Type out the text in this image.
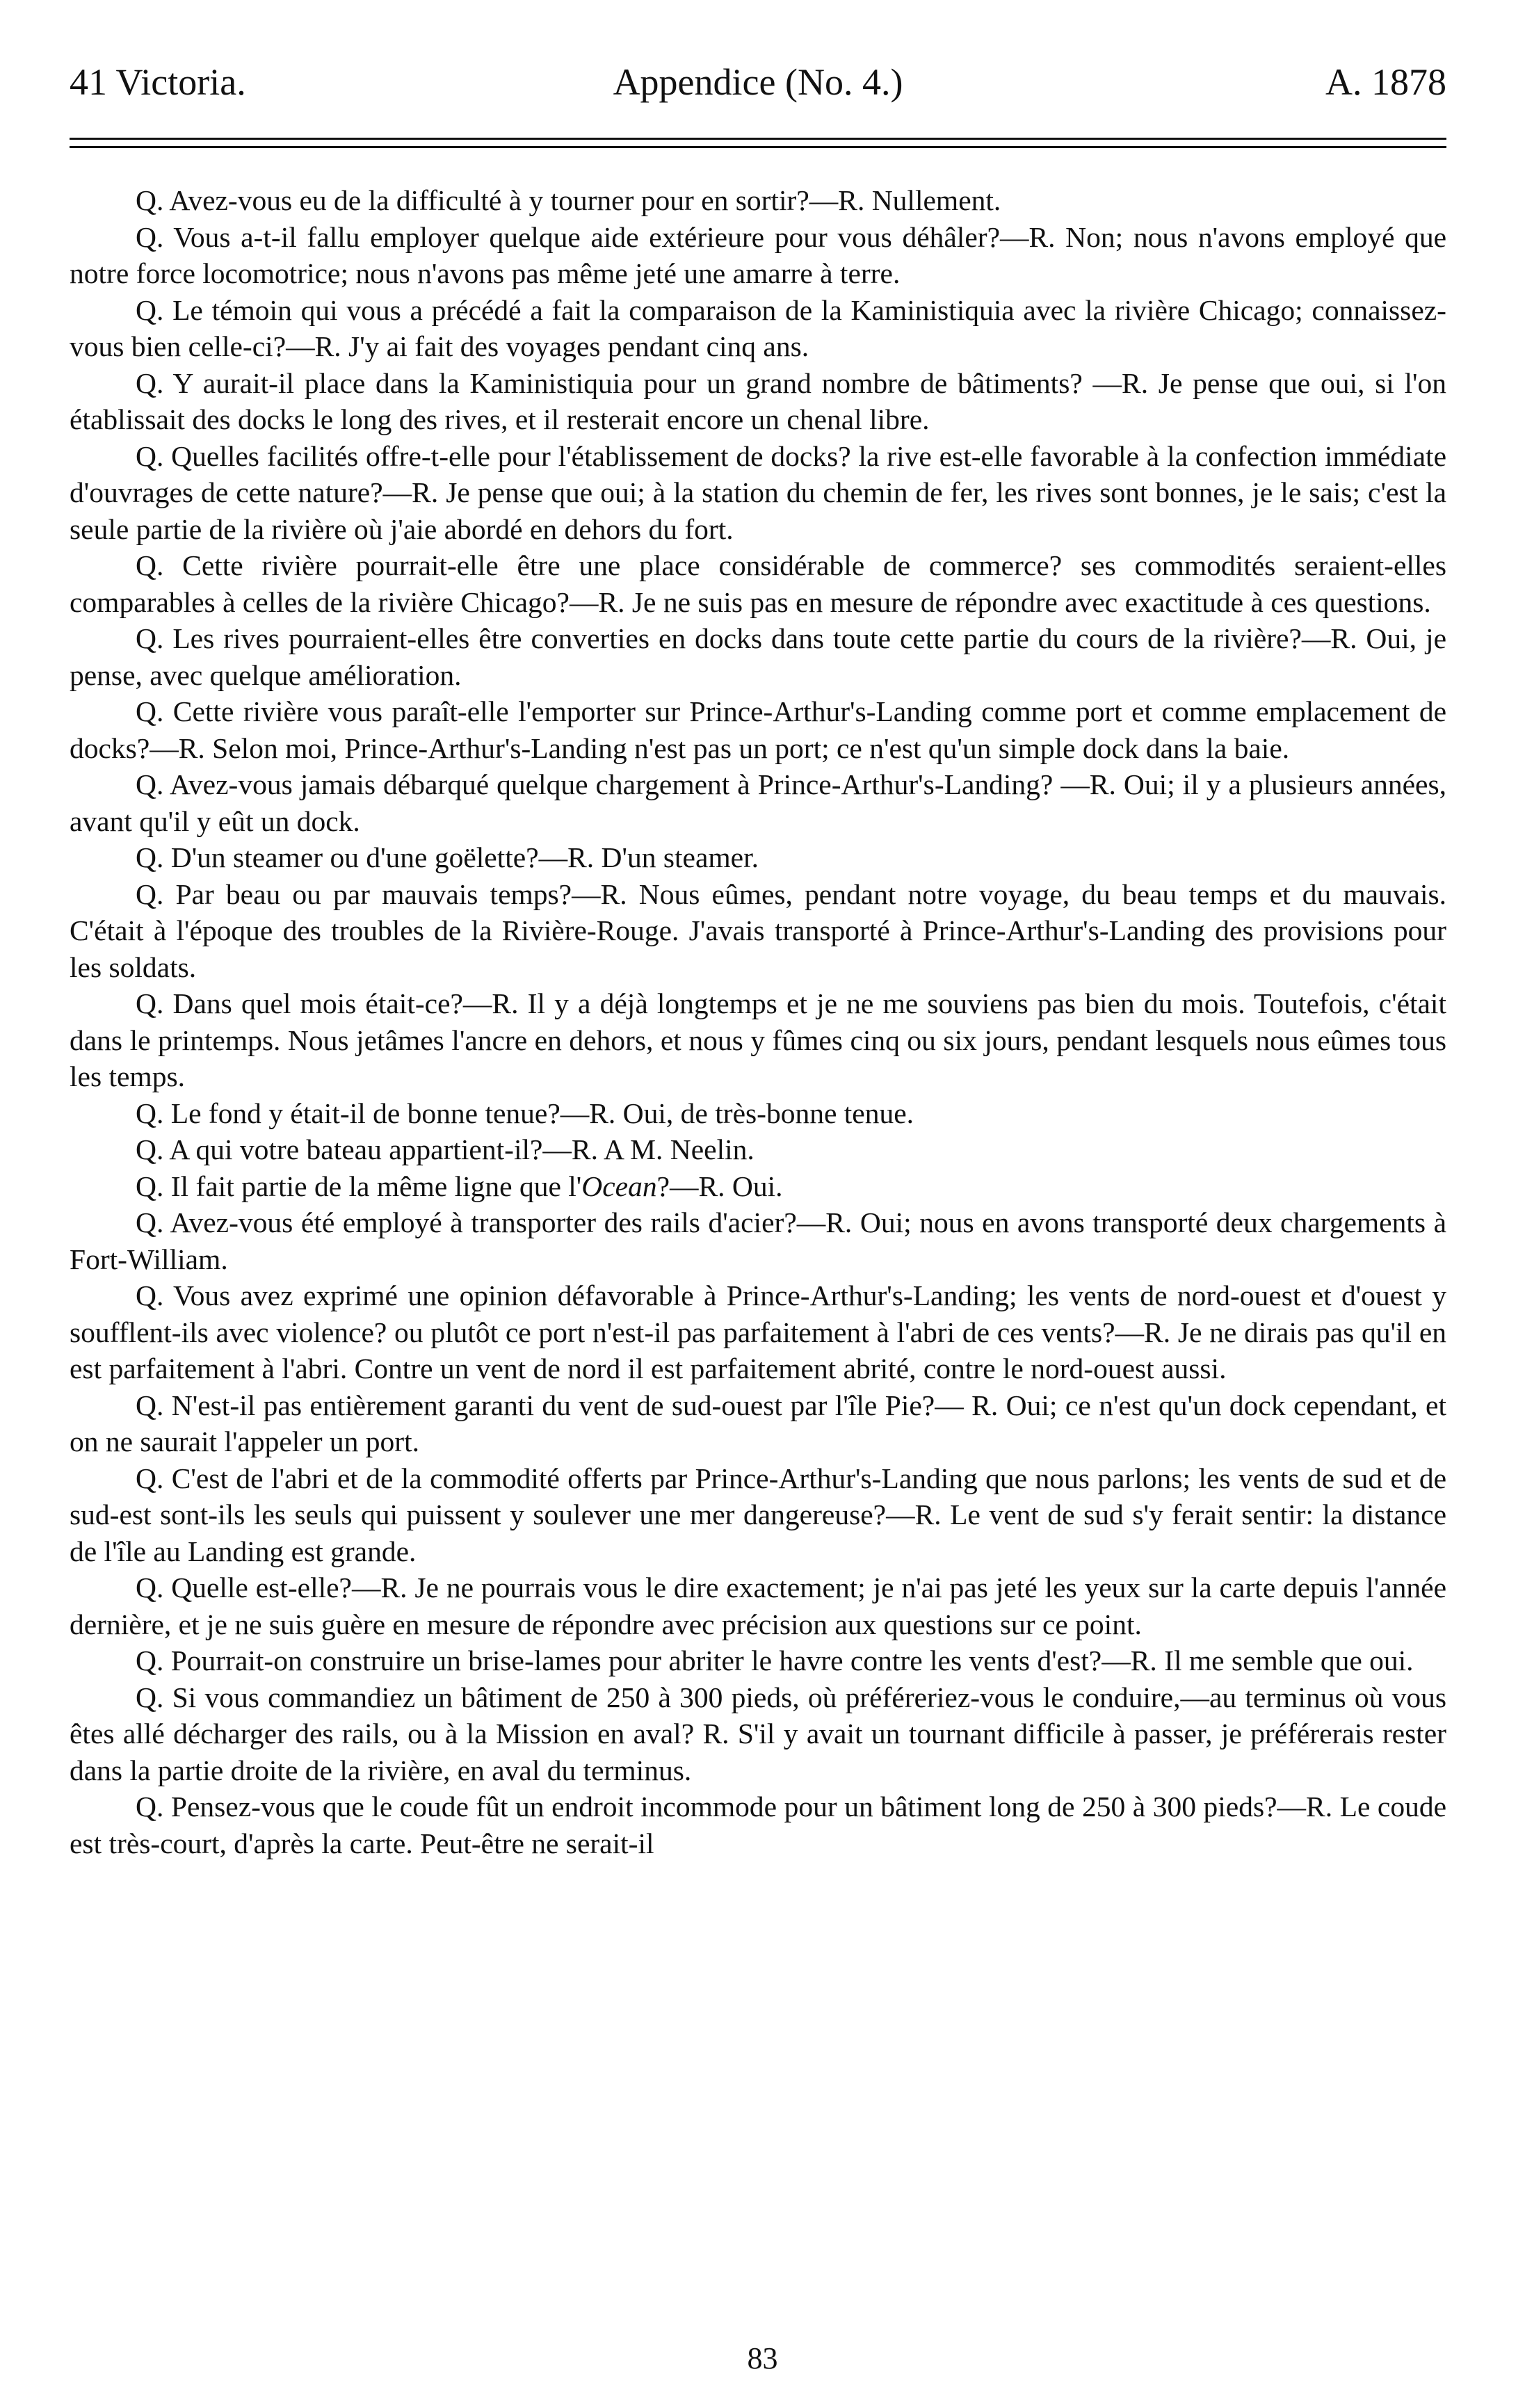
41 Victoria.	Appendice (No. 4.)	A. 1878

Q. Avez-vous eu de la difficulté à y tourner pour en sortir?—R. Nullement.

Q. Vous a-t-il fallu employer quelque aide extérieure pour vous déhâler?—R. Non; nous n'avons employé que notre force locomotrice; nous n'avons pas même jeté une amarre à terre.

Q. Le témoin qui vous a précédé a fait la comparaison de la Kaministiquia avec la rivière Chicago; connaissez-vous bien celle-ci?—R. J'y ai fait des voyages pendant cinq ans.

Q. Y aurait-il place dans la Kaministiquia pour un grand nombre de bâtiments? —R. Je pense que oui, si l'on établissait des docks le long des rives, et il resterait encore un chenal libre.

Q. Quelles facilités offre-t-elle pour l'établissement de docks? la rive est-elle favorable à la confection immédiate d'ouvrages de cette nature?—R. Je pense que oui; à la station du chemin de fer, les rives sont bonnes, je le sais; c'est la seule partie de la rivière où j'aie abordé en dehors du fort.

Q. Cette rivière pourrait-elle être une place considérable de commerce? ses commodités seraient-elles comparables à celles de la rivière Chicago?—R. Je ne suis pas en mesure de répondre avec exactitude à ces questions.

Q. Les rives pourraient-elles être converties en docks dans toute cette partie du cours de la rivière?—R. Oui, je pense, avec quelque amélioration.

Q. Cette rivière vous paraît-elle l'emporter sur Prince-Arthur's-Landing comme port et comme emplacement de docks?—R. Selon moi, Prince-Arthur's-Landing n'est pas un port; ce n'est qu'un simple dock dans la baie.

Q. Avez-vous jamais débarqué quelque chargement à Prince-Arthur's-Landing? —R. Oui; il y a plusieurs années, avant qu'il y eût un dock.

Q. D'un steamer ou d'une goëlette?—R. D'un steamer.

Q. Par beau ou par mauvais temps?—R. Nous eûmes, pendant notre voyage, du beau temps et du mauvais. C'était à l'époque des troubles de la Rivière-Rouge. J'avais transporté à Prince-Arthur's-Landing des provisions pour les soldats.

Q. Dans quel mois était-ce?—R. Il y a déjà longtemps et je ne me souviens pas bien du mois. Toutefois, c'était dans le printemps. Nous jetâmes l'ancre en dehors, et nous y fûmes cinq ou six jours, pendant lesquels nous eûmes tous les temps.

Q. Le fond y était-il de bonne tenue?—R. Oui, de très-bonne tenue.

Q. A qui votre bateau appartient-il?—R. A M. Neelin.

Q. Il fait partie de la même ligne que l'Ocean?—R. Oui.

Q. Avez-vous été employé à transporter des rails d'acier?—R. Oui; nous en avons transporté deux chargements à Fort-William.

Q. Vous avez exprimé une opinion défavorable à Prince-Arthur's-Landing; les vents de nord-ouest et d'ouest y soufflent-ils avec violence? ou plutôt ce port n'est-il pas parfaitement à l'abri de ces vents?—R. Je ne dirais pas qu'il en est parfaitement à l'abri. Contre un vent de nord il est parfaitement abrité, contre le nord-ouest aussi.

Q. N'est-il pas entièrement garanti du vent de sud-ouest par l'île Pie?— R. Oui; ce n'est qu'un dock cependant, et on ne saurait l'appeler un port.

Q. C'est de l'abri et de la commodité offerts par Prince-Arthur's-Landing que nous parlons; les vents de sud et de sud-est sont-ils les seuls qui puissent y soulever une mer dangereuse?—R. Le vent de sud s'y ferait sentir: la distance de l'île au Landing est grande.

Q. Quelle est-elle?—R. Je ne pourrais vous le dire exactement; je n'ai pas jeté les yeux sur la carte depuis l'année dernière, et je ne suis guère en mesure de répondre avec précision aux questions sur ce point.

Q. Pourrait-on construire un brise-lames pour abriter le havre contre les vents d'est?—R. Il me semble que oui.

Q. Si vous commandiez un bâtiment de 250 à 300 pieds, où préféreriez-vous le conduire,—au terminus où vous êtes allé décharger des rails, ou à la Mission en aval? R. S'il y avait un tournant difficile à passer, je préférerais rester dans la partie droite de la rivière, en aval du terminus.

Q. Pensez-vous que le coude fût un endroit incommode pour un bâtiment long de 250 à 300 pieds?—R. Le coude est très-court, d'après la carte. Peut-être ne serait-il

83
